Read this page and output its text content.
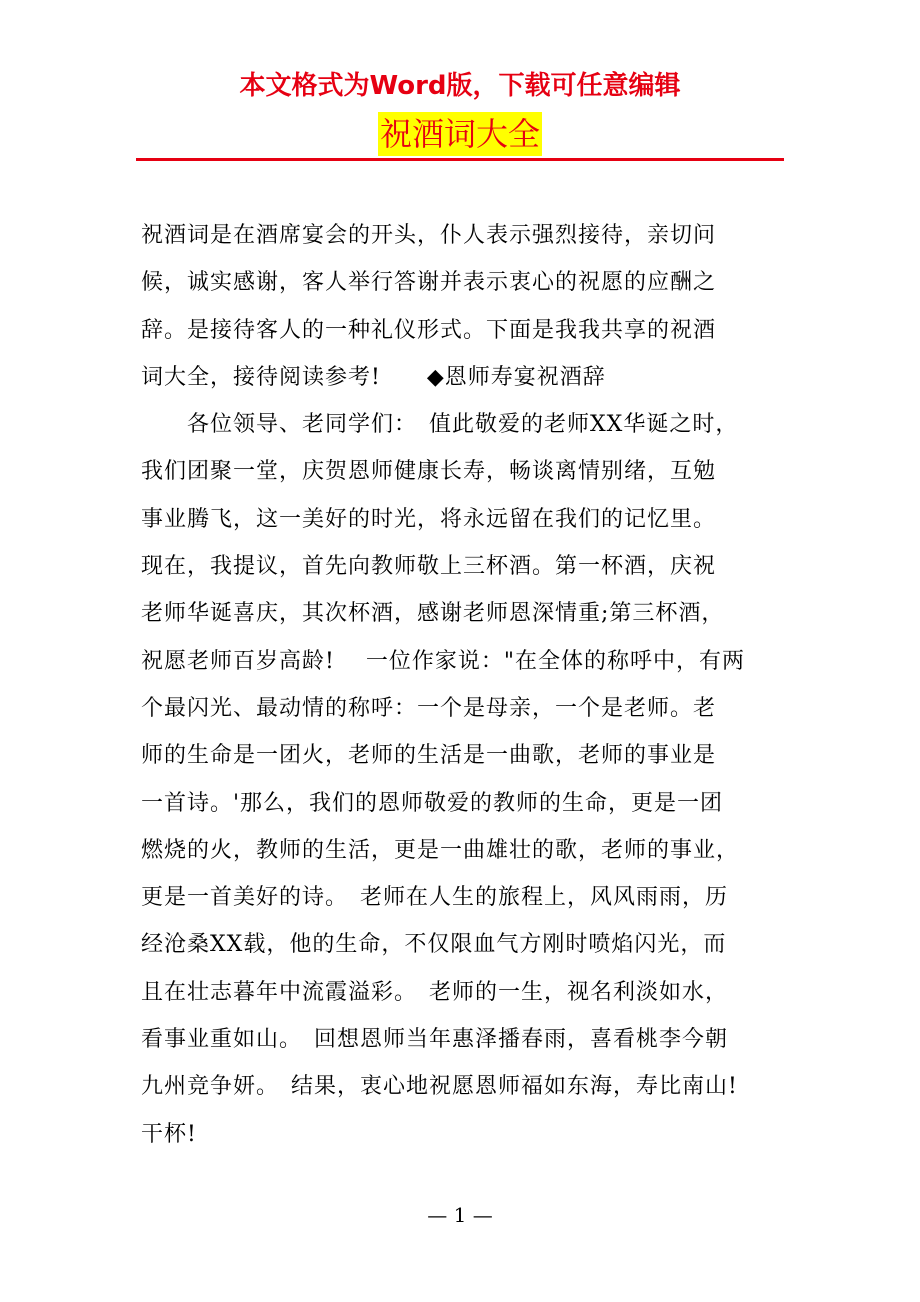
本文格式为Word版，下载可任意编辑
祝酒词大全
祝酒词是在酒席宴会的开头，仆人表示强烈接待，亲切问
候，诚实感谢，客人举行答谢并表示衷心的祝愿的应酬之
辞。是接待客人的一种礼仪形式。下面是我我共享的祝酒
词大全，接待阅读参考!　　◆恩师寿宴祝酒辞
　　各位领导、老同学们：　值此敬爱的老师XX华诞之时，
我们团聚一堂，庆贺恩师健康长寿，畅谈离情别绪，互勉
事业腾飞，这一美好的时光，将永远留在我们的记忆里。
现在，我提议，首先向教师敬上三杯酒。第一杯酒，庆祝
老师华诞喜庆，其次杯酒，感谢老师恩深情重;第三杯酒，
祝愿老师百岁高龄!　 一位作家说："在全体的称呼中，有两
个最闪光、最动情的称呼：一个是母亲，一个是老师。老
师的生命是一团火，老师的生活是一曲歌，老师的事业是
一首诗。'那么，我们的恩师敬爱的教师的生命，更是一团
燃烧的火，教师的生活，更是一曲雄壮的歌，老师的事业，
更是一首美好的诗。　老师在人生的旅程上，风风雨雨，历
经沧桑XX载，他的生命，不仅限血气方刚时喷焰闪光，而
且在壮志暮年中流霞溢彩。　老师的一生，视名利淡如水，
看事业重如山。　回想恩师当年惠泽播春雨，喜看桃李今朝
九州竞争妍。　结果，衷心地祝愿恩师福如东海，寿比南山!
干杯!
— 1 —
